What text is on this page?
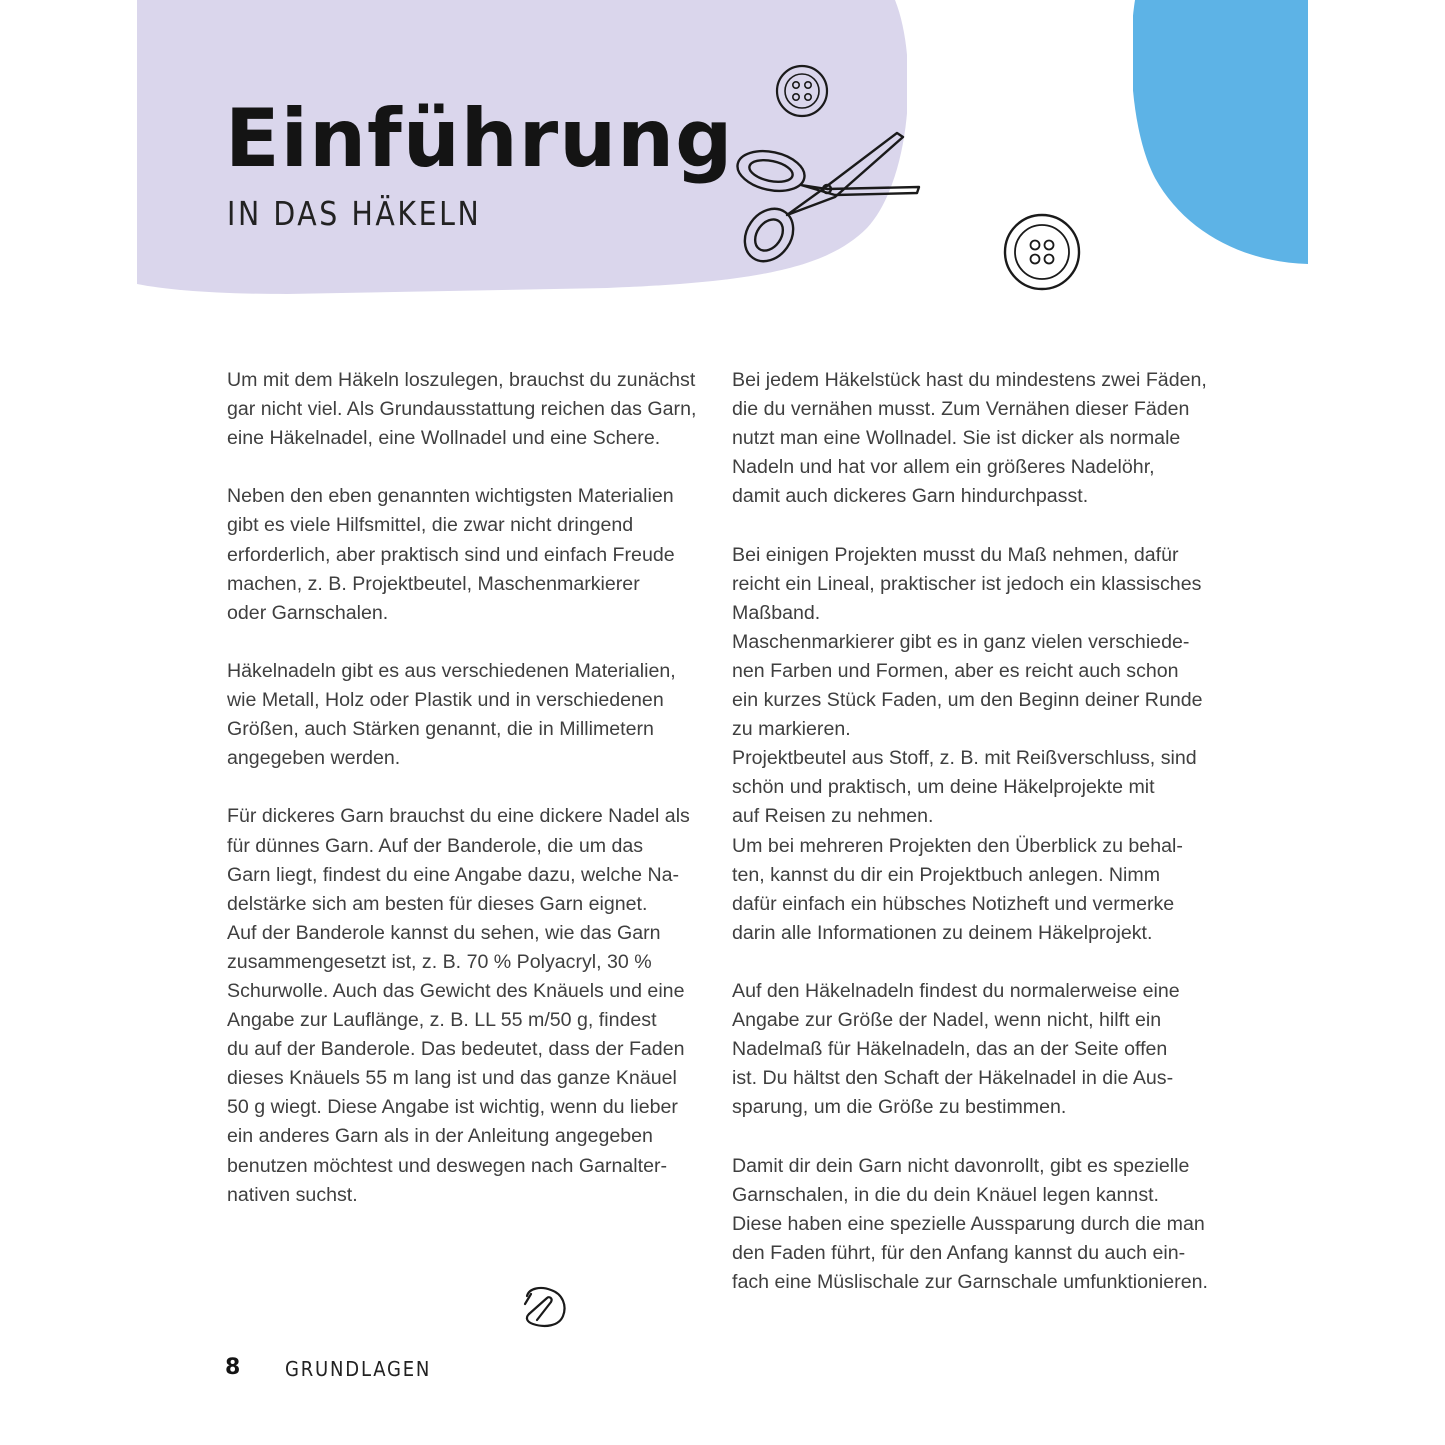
Einführung
IN DAS HÄKELN

Um mit dem Häkeln loszulegen, brauchst du zunächst
gar nicht viel. Als Grundausstattung reichen das Garn,
eine Häkelnadel, eine Wollnadel und eine Schere.

Neben den eben genannten wichtigsten Materialien
gibt es viele Hilfsmittel, die zwar nicht dringend
erforderlich, aber praktisch sind und einfach Freude
machen, z. B. Projektbeutel, Maschenmarkierer
oder Garnschalen.

Häkelnadeln gibt es aus verschiedenen Materialien,
wie Metall, Holz oder Plastik und in verschiedenen
Größen, auch Stärken genannt, die in Millimetern
angegeben werden.

Für dickeres Garn brauchst du eine dickere Nadel als
für dünnes Garn. Auf der Banderole, die um das
Garn liegt, findest du eine Angabe dazu, welche Na-
delstärke sich am besten für dieses Garn eignet.
Auf der Banderole kannst du sehen, wie das Garn
zusammengesetzt ist, z. B. 70 % Polyacryl, 30 %
Schurwolle. Auch das Gewicht des Knäuels und eine
Angabe zur Lauflänge, z. B. LL 55 m/50 g, findest
du auf der Banderole. Das bedeutet, dass der Faden
dieses Knäuels 55 m lang ist und das ganze Knäuel
50 g wiegt. Diese Angabe ist wichtig, wenn du lieber
ein anderes Garn als in der Anleitung angegeben
benutzen möchtest und deswegen nach Garnalter-
nativen suchst.

Bei jedem Häkelstück hast du mindestens zwei Fäden,
die du vernähen musst. Zum Vernähen dieser Fäden
nutzt man eine Wollnadel. Sie ist dicker als normale
Nadeln und hat vor allem ein größeres Nadelöhr,
damit auch dickeres Garn hindurchpasst.

Bei einigen Projekten musst du Maß nehmen, dafür
reicht ein Lineal, praktischer ist jedoch ein klassisches
Maßband.

Maschenmarkierer gibt es in ganz vielen verschiede-
nen Farben und Formen, aber es reicht auch schon
ein kurzes Stück Faden, um den Beginn deiner Runde
zu markieren.

Projektbeutel aus Stoff, z. B. mit Reißverschluss, sind
schön und praktisch, um deine Häkelprojekte mit
auf Reisen zu nehmen.

Um bei mehreren Projekten den Überblick zu behal-
ten, kannst du dir ein Projektbuch anlegen. Nimm
dafür einfach ein hübsches Notizheft und vermerke
darin alle Informationen zu deinem Häkelprojekt.

Auf den Häkelnadeln findest du normalerweise eine
Angabe zur Größe der Nadel, wenn nicht, hilft ein
Nadelmaß für Häkelnadeln, das an der Seite offen
ist. Du hältst den Schaft der Häkelnadel in die Aus-
sparung, um die Größe zu bestimmen.

Damit dir dein Garn nicht davonrollt, gibt es spezielle
Garnschalen, in die du dein Knäuel legen kannst.
Diese haben eine spezielle Aussparung durch die man
den Faden führt, für den Anfang kannst du auch ein-
fach eine Müslischale zur Garnschale umfunktionieren.

8 GRUNDLAGEN
